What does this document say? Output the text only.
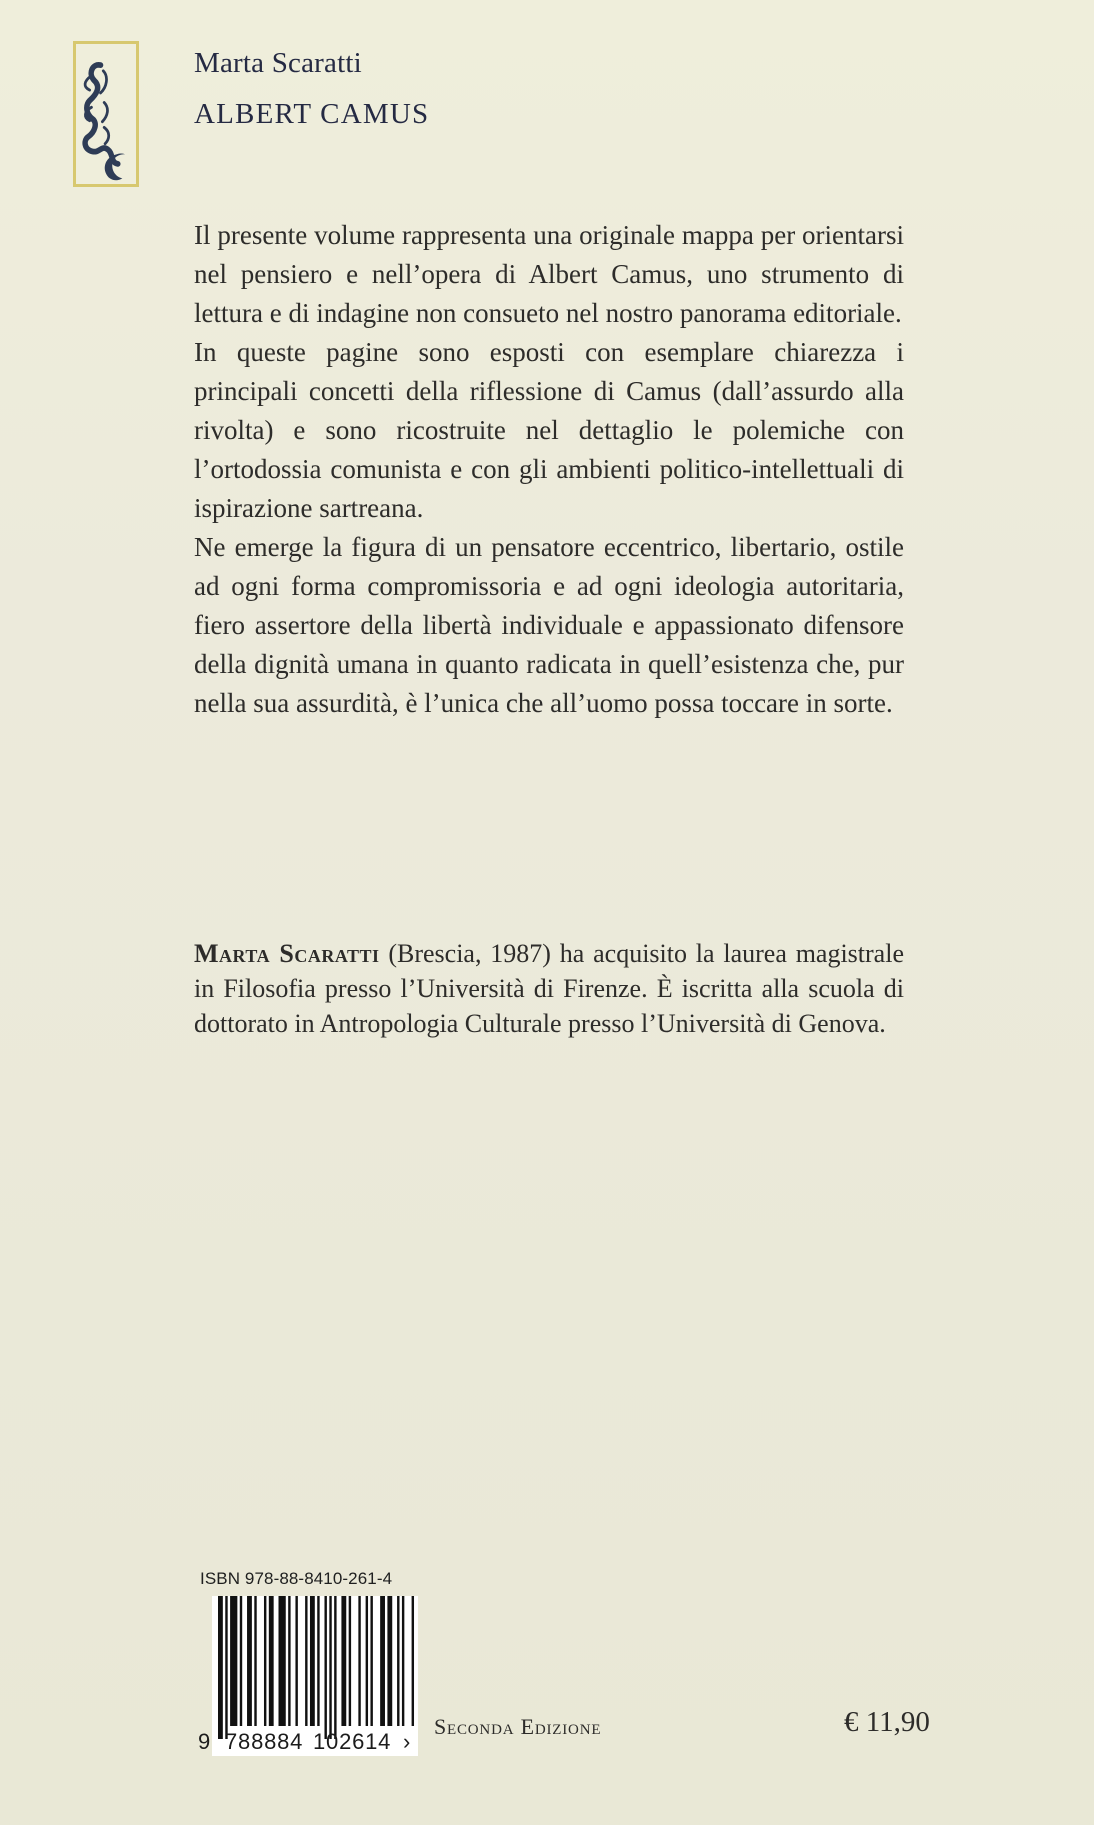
Marta Scaratti
ALBERT CAMUS

Il presente volume rappresenta una originale mappa per orientarsi nel pensiero e nell’opera di Albert Camus, uno strumento di lettura e di indagine non consueto nel nostro panorama editoriale.

In queste pagine sono esposti con esemplare chiarezza i principali concetti della riflessione di Camus (dall’assurdo alla rivolta) e sono ricostruite nel dettaglio le polemiche con l’ortodossia comunista e con gli ambienti politico-intellettuali di ispirazione sartreana.

Ne emerge la figura di un pensatore eccentrico, libertario, ostile ad ogni forma compromissoria e ad ogni ideologia autoritaria, fiero assertore della libertà individuale e appassionato difensore della dignità umana in quanto radicata in quell’esistenza che, pur nella sua assurdità, è l’unica che all’uomo possa toccare in sorte.

Marta Scaratti (Brescia, 1987) ha acquisito la laurea magistrale in Filosofia presso l’Università di Firenze. È iscritta alla scuola di dottorato in Antropologia Culturale presso l’Università di Genova.

ISBN 978-88-8410-261-4
9 788884 102614 ›
Seconda Edizione	€ 11,90
